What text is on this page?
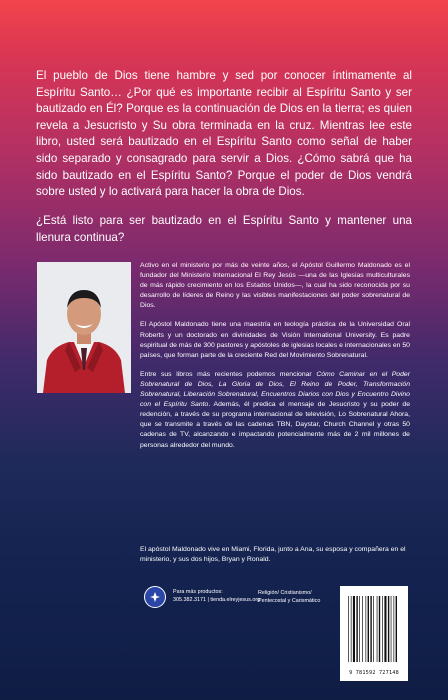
El pueblo de Dios tiene hambre y sed por conocer íntimamente al Espíritu Santo… ¿Por qué es importante recibir al Espíritu Santo y ser bautizado en Él? Porque es la continuación de Dios en la tierra; es quien revela a Jesucristo y Su obra terminada en la cruz. Mientras lee este libro, usted será bautizado en el Espíritu Santo como señal de haber sido separado y consagrado para servir a Dios. ¿Cómo sabrá que ha sido bautizado en el Espíritu Santo? Porque el poder de Dios vendrá sobre usted y lo activará para hacer la obra de Dios.

¿Está listo para ser bautizado en el Espíritu Santo y mantener una llenura continua?

Activo en el ministerio por más de veinte años, el Apóstol Guillermo Maldonado es el fundador del Ministerio Internacional El Rey Jesús —una de las Iglesias multiculturales de más rápido crecimiento en los Estados Unidos—, la cual ha sido reconocida por su desarrollo de líderes de Reino y las visibles manifestaciones del poder sobrenatural de Dios.

El Apóstol Maldonado tiene una maestría en teología práctica de la Universidad Oral Roberts y un doctorado en divinidades de Visión International University. Es padre espiritual de más de 300 pastores y apóstoles de iglesias locales e internacionales en 50 países, que forman parte de la creciente Red del Movimiento Sobrenatural.

Entre sus libros más recientes podemos mencionar Cómo Caminar en el Poder Sobrenatural de Dios, La Gloria de Dios, El Reino de Poder, Transformación Sobrenatural, Liberación Sobrenatural, Encuentros Diarios con Dios y Encuentro Divino con el Espíritu Santo. Además, él predica el mensaje de Jesucristo y su poder de redención, a través de su programa internacional de televisión, Lo Sobrenatural Ahora, que se transmite a través de las cadenas TBN, Daystar, Church Channel y otras 50 cadenas de TV, alcanzando e impactando potencialmente más de 2 mil millones de personas alrededor del mundo.

El apóstol Maldonado vive en Miami, Florida, junto a Ana, su esposa y compañera en el ministerio, y sus dos hijos, Bryan y Ronald.

Para más productos:
305.382.3171 | tienda.elreyjesus.org
Religión/ Cristianismo/
Pentecostal y Carismático
9 781592 727148
